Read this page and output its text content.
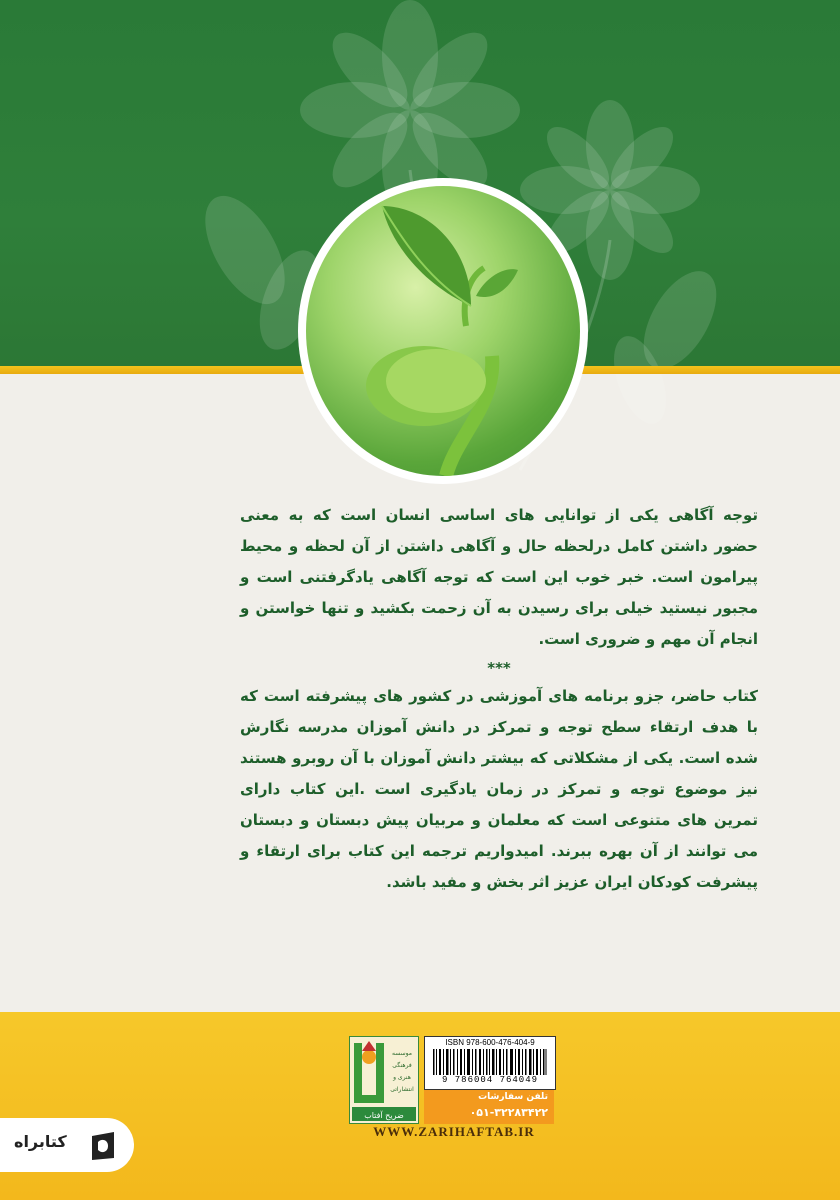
توجه آگاهی یکی از توانایی های اساسی انسان است که به معنی حضور داشتن کامل درلحظه حال و آگاهی داشتن از آن لحظه و محیط پیرامون است. خبر خوب این است که توجه آگاهی یادگرفتنی است و مجبور نیستید خیلی برای رسیدن به آن زحمت بکشید و تنها خواستن و انجام آن مهم و ضروری است.

***

کتاب حاضر، جزو برنامه های آموزشی در کشور های پیشرفته است که با هدف ارتقاء سطح توجه و تمرکز در دانش آموزان مدرسه نگارش شده است. یکی از مشکلاتی که بیشتر دانش آموزان با آن روبرو هستند نیز موضوع توجه و تمرکز در زمان یادگیری است .این کتاب دارای تمرین های متنوعی است که معلمان و مربیان پیش دبستان و دبستان می توانند از آن بهره ببرند. امیدواریم ترجمه این کتاب برای ارتقاء و پیشرفت کودکان ایران عزیز اثر بخش و مفید باشد.

موسسه
فرهنگی
هنری و
انتشاراتی
ضریح آفتاب
ISBN 978-600-476-404-9
9 786004 764049
تلفن سفارشات
۰۵۱-۳۲۲۸۳۴۲۲
WWW.ZARIHAFTAB.IR
کتابراه
